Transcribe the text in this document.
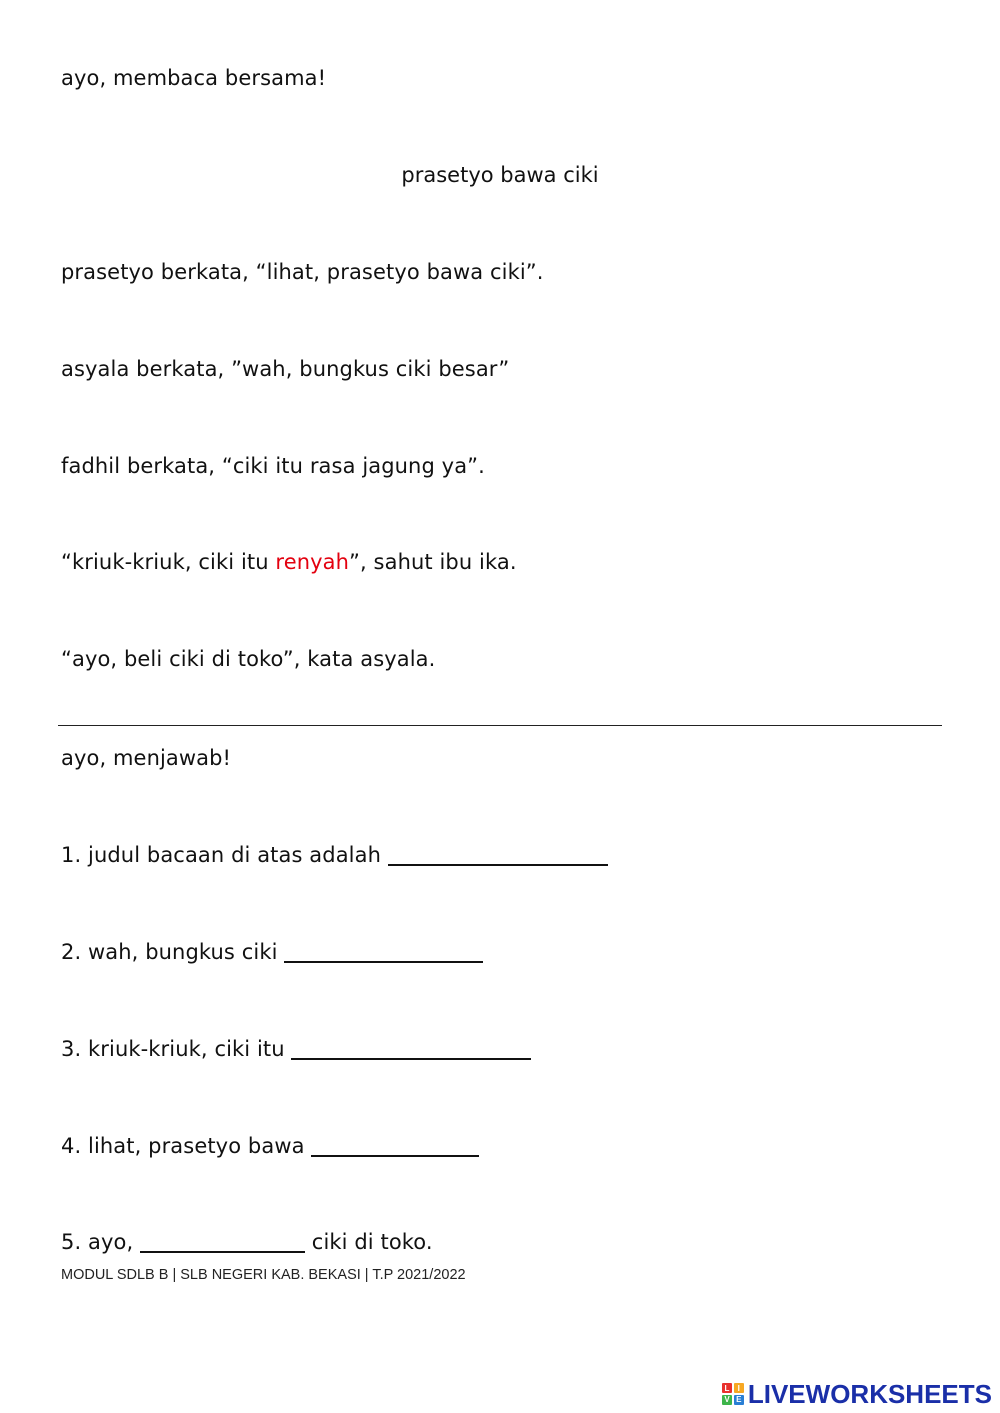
ayo, membaca bersama!
prasetyo bawa ciki
prasetyo berkata, “lihat, prasetyo bawa ciki”.
asyala berkata, ”wah, bungkus ciki besar”
fadhil berkata, “ciki itu rasa jagung ya”.
“kriuk-kriuk, ciki itu renyah”, sahut ibu ika.
“ayo, beli ciki di toko”, kata asyala.
ayo, menjawab!
1. judul bacaan di atas adalah
2. wah, bungkus ciki
3. kriuk-kriuk, ciki itu
4. lihat, prasetyo bawa
5. ayo,	ciki di toko.
MODUL SDLB B | SLB NEGERI KAB. BEKASI | T.P 2021/2022
L	I
V E LIVEWORKSHEETS
